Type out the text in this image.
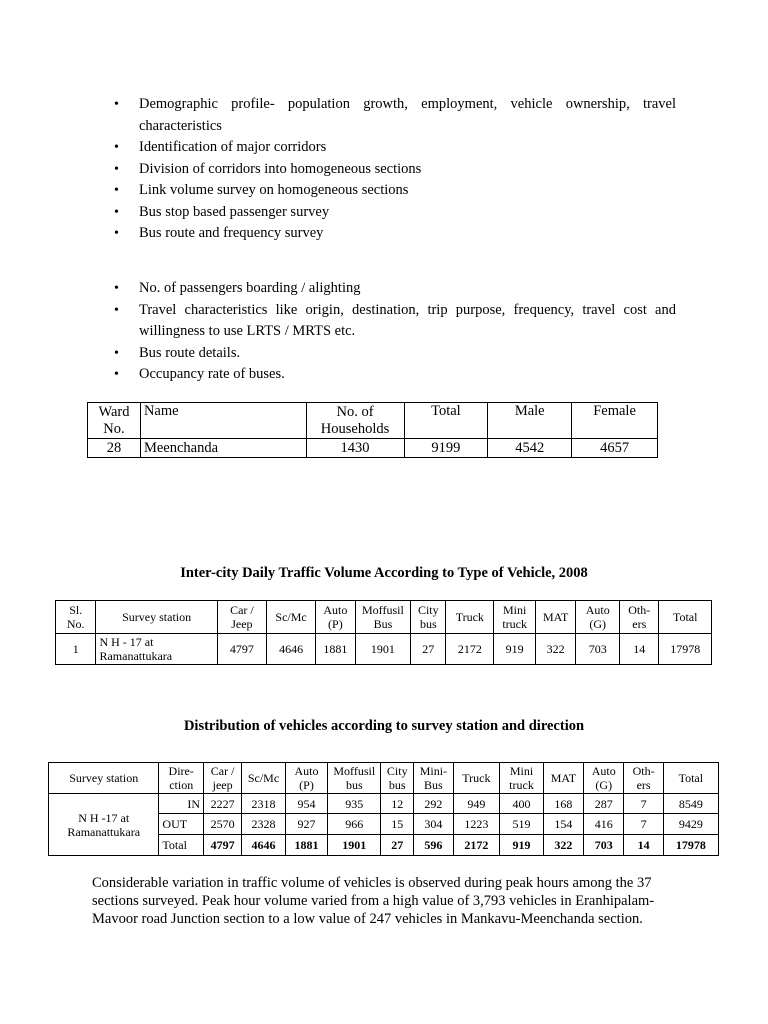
• Demographic profile- population growth, employment, vehicle ownership, travel characteristics
• Identification of major corridors
• Division of corridors into homogeneous sections
• Link volume survey on homogeneous sections
• Bus stop based passenger survey
• Bus route and frequency survey
• No. of passengers boarding / alighting
• Travel characteristics like origin, destination, trip purpose, frequency, travel cost and willingness to use LRTS / MRTS etc.
• Bus route details.
• Occupancy rate of buses.
Ward No.	Name	No. of Households	Total	Male	Female
28	Meenchanda	1430	9199	4542	4657
Inter-city Daily Traffic Volume According to Type of Vehicle, 2008
Sl. No.	Survey station	Car / Jeep	Sc/Mc	Auto (P)	Moffusil Bus	City bus	Truck	Mini truck	MAT	Auto (G)	Oth- ers	Total
1	N H - 17 at Ramanattukara	4797	4646	1881	1901	27	2172	919	322	703	14	17978
Distribution of vehicles according to survey station and direction
Survey station	Dire- ction	Car / jeep	Sc/Mc	Auto (P)	Moffusil bus	City bus	Mini- Bus	Truck	Mini truck	MAT	Auto (G)	Oth- ers	Total
N H -17 at Ramanattukara	IN	2227	2318	954	935	12	292	949	400	168	287	7	8549
	OUT	2570	2328	927	966	15	304	1223	519	154	416	7	9429
	Total	4797	4646	1881	1901	27	596	2172	919	322	703	14	17978
Considerable variation in traffic volume of vehicles is observed during peak hours among the 37 sections surveyed. Peak hour volume varied from a high value of 3,793 vehicles in Eranhipalam-Mavoor road Junction section to a low value of 247 vehicles in Mankavu-Meenchanda section.
